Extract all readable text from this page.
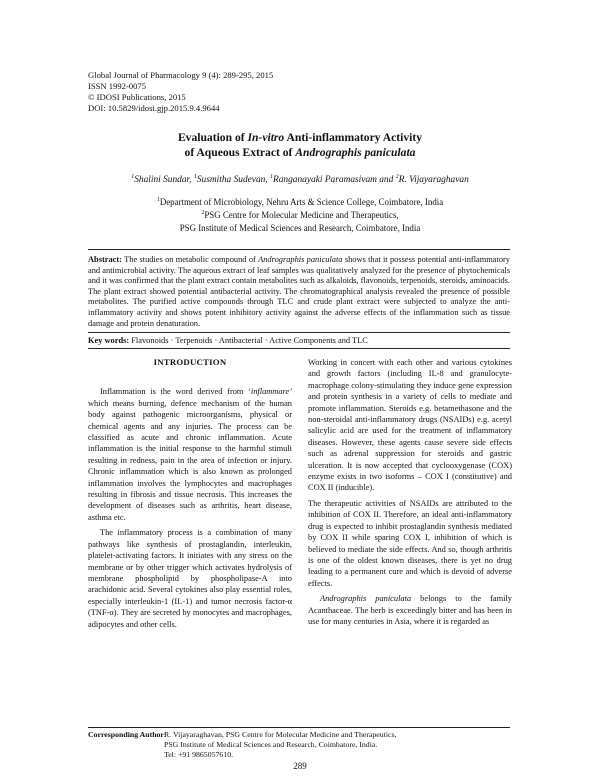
Global Journal of Pharmacology 9 (4): 289-295, 2015
ISSN 1992-0075
© IDOSI Publications, 2015
DOI: 10.5829/idosi.gjp.2015.9.4.9644
Evaluation of In-vitro Anti-inflammatory Activity
of Aqueous Extract of Andrographis paniculata
$^1$Shalini Sundar, $^1$Susmitha Sudevan, $^1$Ranganayaki Paramasivam and $^2$R. Vijayaraghavan
$^1$Department of Microbiology, Nehru Arts & Science College, Coimbatore, India
$^2$PSG Centre for Molecular Medicine and Therapeutics,
PSG Institute of Medical Sciences and Research, Coimbatore, India
Abstract: The studies on metabolic compound of Andrographis paniculata shows that it possess potential anti-inflammatory and antimicrobial activity. The aqueous extract of leaf samples was qualitatively analyzed for the presence of phytochemicals and it was confirmed that the plant extract contain metabolites such as alkaloids, flavonoids, terpenoids, steroids, aminoacids. The plant extract showed potential antibacterial activity. The chromatographical analysis revealed the presence of possible metabolites. The purified active compounds through TLC and crude plant extract were subjected to analyze the anti-inflammatory activity and shows potent inhibitory activity against the adverse effects of the inflammation such as tissue damage and protein denaturation.
Key words: Flavonoids · Terpenoids · Antibacterial · Active Components and TLC
INTRODUCTION

Inflammation is the word derived from ‘inflammare’ which means burning, defence mechanism of the human body against pathogenic microorganisms, physical or chemical agents and any injuries. The process can be classified as acute and chronic inflammation. Acute inflammation is the initial response to the harmful stimuli resulting in redness, pain in the area of infection or injury. Chronic inflammation which is also known as prolonged inflammation involves the lymphocytes and macrophages resulting in fibrosis and tissue necrosis. This increases the development of diseases such as arthritis, heart disease, asthma etc.

The inflammatory process is a combination of many pathways like synthesis of prostaglandin, interleukin, platelet-activating factors. It initiates with any stress on the membrane or by other trigger which activates hydrolysis of membrane phospholipid by phospholipase-A into arachidonic acid. Several cytokines also play essential roles, especially interleukin-1 (IL-1) and tumor necrosis factor-α (TNF-α). They are secreted by monocytes and macrophages, adipocytes and other cells.

Working in concert with each other and various cytokines and growth factors (including IL-8 and granulocyte-macrophage colony-stimulating they induce gene expression and protein synthesis in a variety of cells to mediate and promote inflammation. Steroids e.g. betamethasone and the non-steroidal anti-inflammatory drugs (NSAIDs) e.g. acetyl salicylic acid are used for the treatment of inflammatory diseases. However, these agents cause severe side effects such as adrenal suppression for steroids and gastric ulceration. It is now accepted that cyclooxygenase (COX) enzyme exists in two isoforms – COX I (constitutive) and COX II (inducible).

The therapeutic activities of NSAIDs are attributed to the inhibition of COX II. Therefore, an ideal anti-inflammatory drug is expected to inhibit prostaglandin synthesis mediated by COX II while sparing COX I, inhibition of which is believed to mediate the side effects. And so, though arthritis is one of the oldest known diseases, there is yet no drug leading to a permanent cure and which is devoid of adverse effects.

Andrographis paniculata belongs to the family Acanthaceae. The herb is exceedingly bitter and has been in use for many centuries in Asia, where it is regarded as

Corresponding Author:
R. Vijayaraghavan, PSG Centre for Molecular Medicine and Therapeutics,
PSG Institute of Medical Sciences and Research, Coimbatore, India.
Tel: +91 9865057610.
289
